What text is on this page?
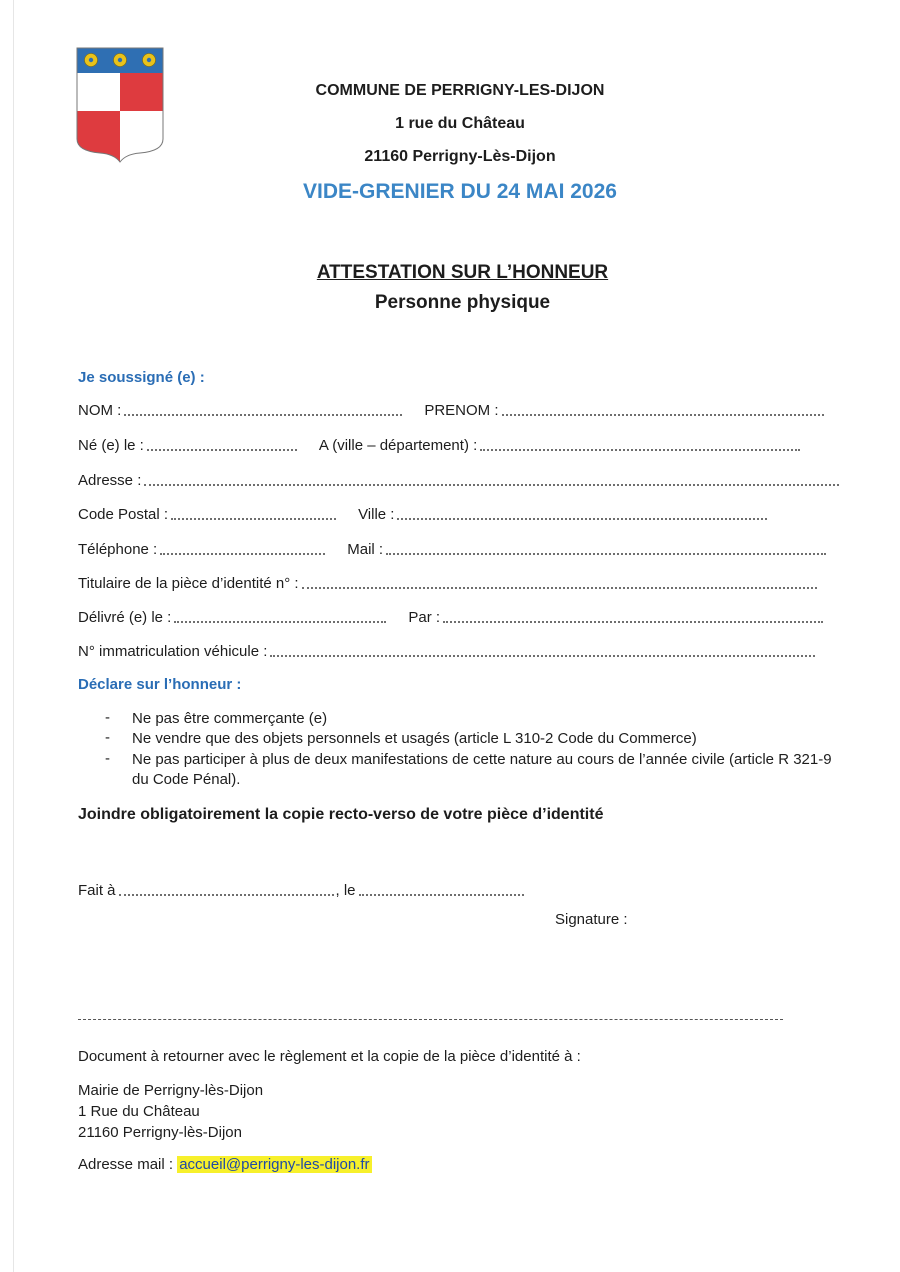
COMMUNE DE PERRIGNY-LES-DIJON
1 rue du Château
21160 Perrigny-Lès-Dijon
VIDE-GRENIER DU 24 MAI 2026
ATTESTATION SUR L’HONNEUR
Personne physique
Je soussigné (e) :
NOM :	PRENOM :
Né (e) le :	A (ville – département) :
Adresse :
Code Postal :	Ville :
Téléphone :	Mail :
Titulaire de la pièce d’identité n° :
Délivré (e) le :	Par :
N° immatriculation véhicule :
Déclare sur l’honneur :
- Ne pas être commerçante (e)
- Ne vendre que des objets personnels et usagés (article L 310-2 Code du Commerce)
- Ne pas participer à plus de deux manifestations de cette nature au cours de l’année civile (article R 321-9 du Code Pénal).
Joindre obligatoirement la copie recto-verso de votre pièce d’identité
Fait à	, le
Signature :
Document à retourner avec le règlement et la copie de la pièce d’identité à :
Mairie de Perrigny-lès-Dijon
1 Rue du Château
21160 Perrigny-lès-Dijon
Adresse mail : accueil@perrigny-les-dijon.fr
